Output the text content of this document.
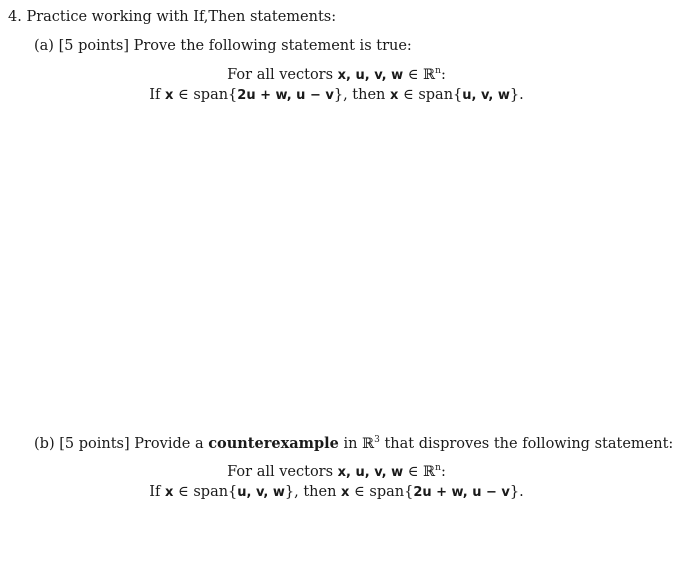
4. Practice working with If,Then statements:
(a) [5 points] Prove the following statement is true:
For all vectors x, u, v, w ∈ ℝ$^n$:
If x ∈ span{2u + w, u − v}, then x ∈ span{u, v, w}.
(b) [5 points] Provide a counterexample in ℝ$^3$ that disproves the following statement:
For all vectors x, u, v, w ∈ ℝ$^n$:
If x ∈ span{u, v, w}, then x ∈ span{2u + w, u − v}.
